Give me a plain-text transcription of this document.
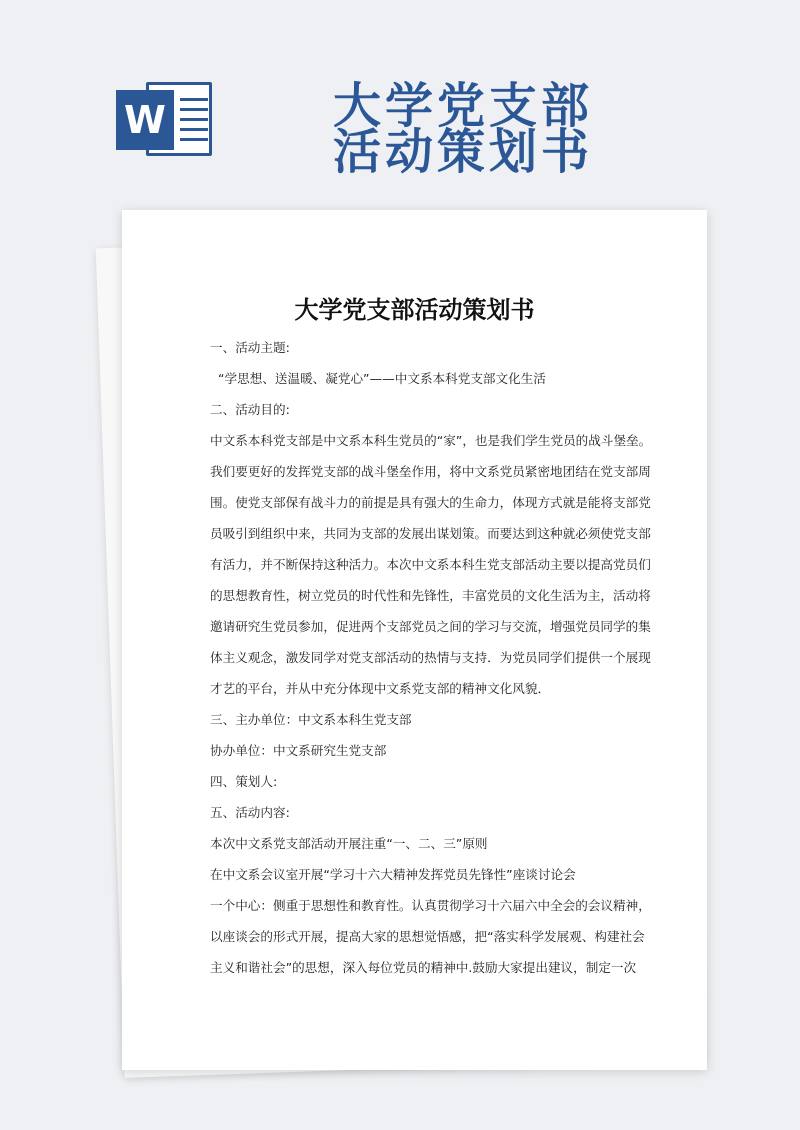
W	大学党支部
活动策划书
大学党支部活动策划书

一、活动主题:

“学思想、送温暖、凝党心”——中文系本科党支部文化生活

二、活动目的:

中文系本科党支部是中文系本科生党员的“家”，也是我们学生党员的战斗堡垒。

我们要更好的发挥党支部的战斗堡垒作用，将中文系党员紧密地团结在党支部周

围。使党支部保有战斗力的前提是具有强大的生命力，体现方式就是能将支部党

员吸引到组织中来，共同为支部的发展出谋划策。而要达到这种就必须使党支部

有活力，并不断保持这种活力。本次中文系本科生党支部活动主要以提高党员们

的思想教育性，树立党员的时代性和先锋性，丰富党员的文化生活为主，活动将

邀请研究生党员参加，促进两个支部党员之间的学习与交流，增强党员同学的集

体主义观念，激发同学对党支部活动的热情与支持．为党员同学们提供一个展现

才艺的平台，并从中充分体现中文系党支部的精神文化风貌．

三、主办单位：中文系本科生党支部

协办单位：中文系研究生党支部

四、策划人:

五、活动内容:

本次中文系党支部活动开展注重“一、二、三”原则

在中文系会议室开展“学习十六大精神发挥党员先锋性”座谈讨论会

一个中心：侧重于思想性和教育性。认真贯彻学习十六届六中全会的会议精神，

以座谈会的形式开展，提高大家的思想觉悟感，把“落实科学发展观、构建社会

主义和谐社会”的思想，深入每位党员的精神中.鼓励大家提出建议，制定一次
